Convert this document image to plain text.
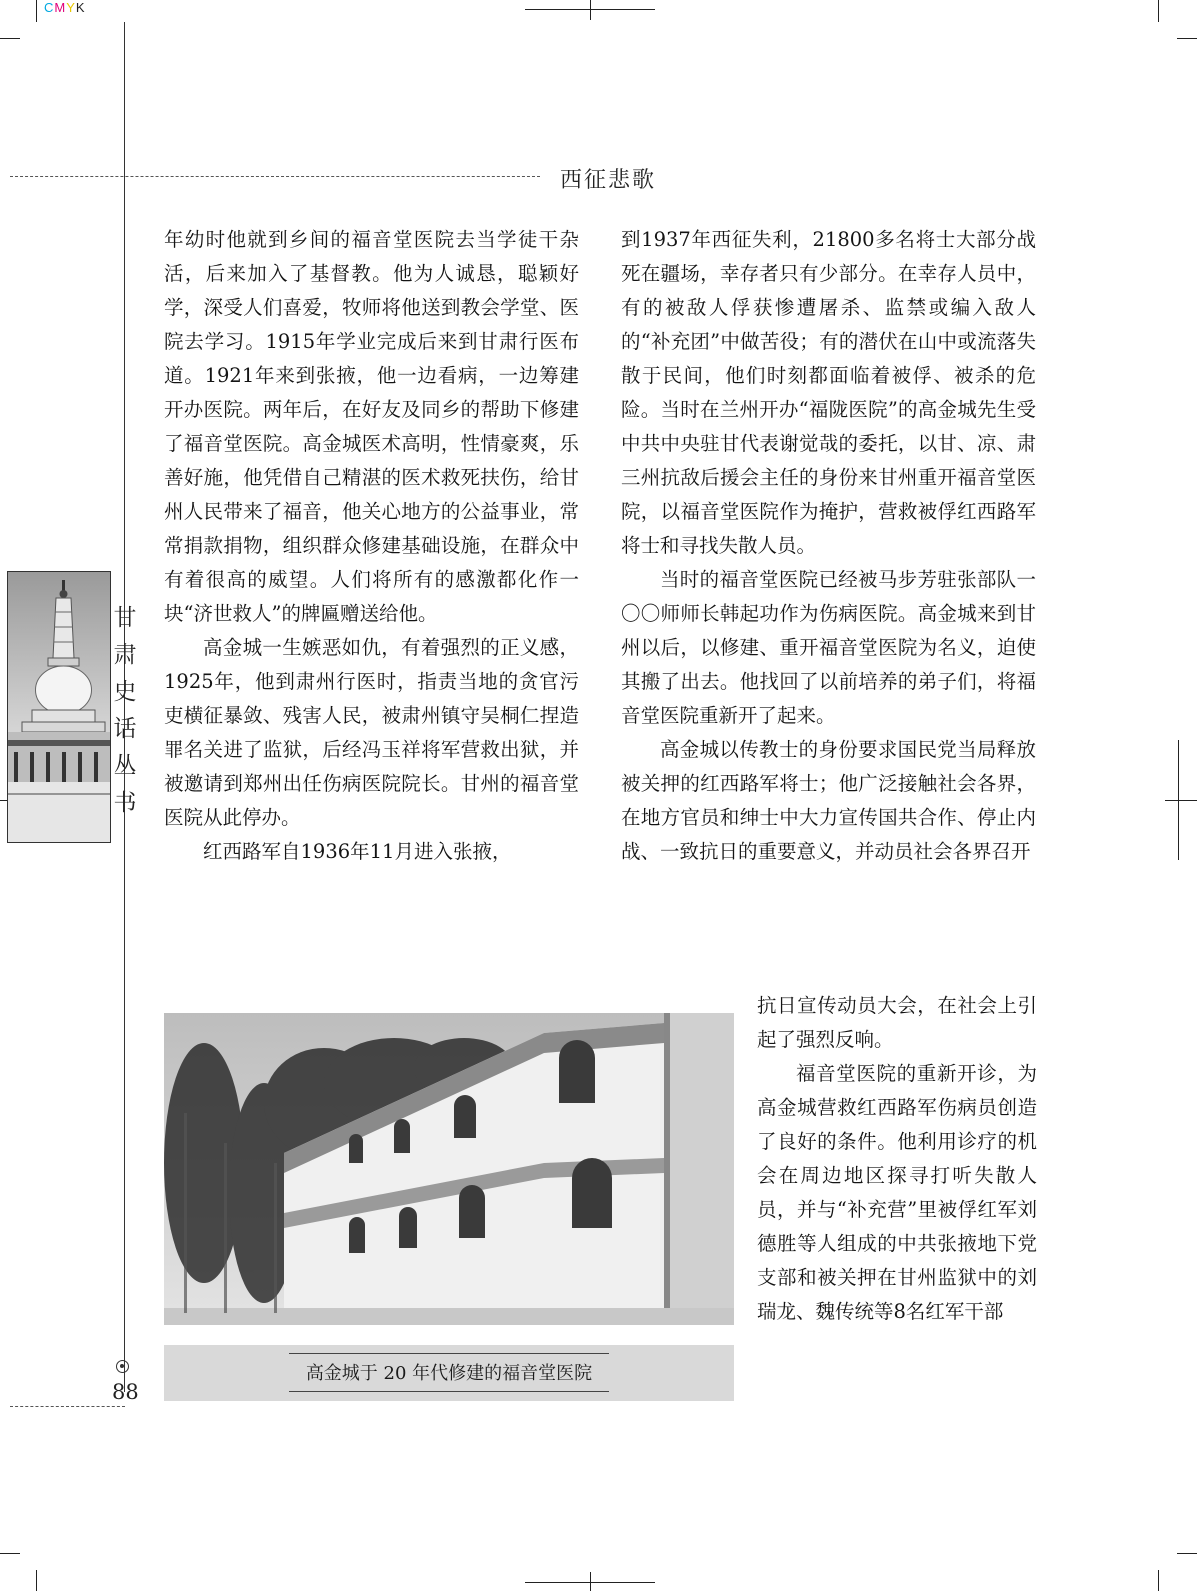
CMYK
西征悲歌
甘
肃
史
话
丛
书

年幼时他就到乡间的福音堂医院去当学徒干杂活，后来加入了基督教。他为人诚恳，聪颖好学，深受人们喜爱，牧师将他送到教会学堂、医院去学习。1915年学业完成后来到甘肃行医布道。1921年来到张掖，他一边看病，一边筹建开办医院。两年后，在好友及同乡的帮助下修建了福音堂医院。高金城医术高明，性情豪爽，乐善好施，他凭借自己精湛的医术救死扶伤，给甘州人民带来了福音，他关心地方的公益事业，常常捐款捐物，组织群众修建基础设施，在群众中有着很高的威望。人们将所有的感激都化作一块“济世救人”的牌匾赠送给他。

高金城一生嫉恶如仇，有着强烈的正义感，1925年，他到肃州行医时，指责当地的贪官污吏横征暴敛、残害人民，被肃州镇守吴桐仁捏造罪名关进了监狱，后经冯玉祥将军营救出狱，并被邀请到郑州出任伤病医院院长。甘州的福音堂医院从此停办。

红西路军自1936年11月进入张掖，

到1937年西征失利，21800多名将士大部分战死在疆场，幸存者只有少部分。在幸存人员中，有的被敌人俘获惨遭屠杀、监禁或编入敌人的“补充团”中做苦役；有的潜伏在山中或流落失散于民间，他们时刻都面临着被俘、被杀的危险。当时在兰州开办“福陇医院”的高金城先生受中共中央驻甘代表谢觉哉的委托，以甘、凉、肃三州抗敌后援会主任的身份来甘州重开福音堂医院，以福音堂医院作为掩护，营救被俘红西路军将士和寻找失散人员。

当时的福音堂医院已经被马步芳驻张部队一〇〇师师长韩起功作为伤病医院。高金城来到甘州以后，以修建、重开福音堂医院为名义，迫使其搬了出去。他找回了以前培养的弟子们，将福音堂医院重新开了起来。

高金城以传教士的身份要求国民党当局释放被关押的红西路军将士；他广泛接触社会各界，在地方官员和绅士中大力宣传国共合作、停止内战、一致抗日的重要意义，并动员社会各界召开

抗日宣传动员大会，在社会上引起了强烈反响。

福音堂医院的重新开诊，为高金城营救红西路军伤病员创造了良好的条件。他利用诊疗的机会在周边地区探寻打听失散人员，并与“补充营”里被俘红军刘德胜等人组成的中共张掖地下党支部和被关押在甘州监狱中的刘瑞龙、魏传统等8名红军干部

高金城于 20 年代修建的福音堂医院
88
